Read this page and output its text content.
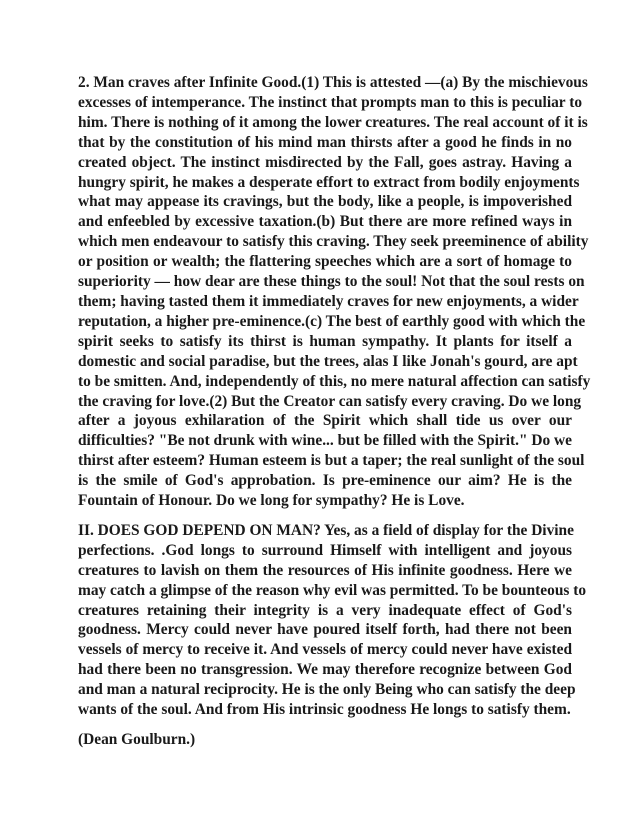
2. Man craves after Infinite Good.(1) This is attested —(a) By the mischievous
excesses of intemperance. The instinct that prompts man to this is peculiar to
him. There is nothing of it among the lower creatures. The real account of it is
that by the constitution of his mind man thirsts after a good he finds in no
created object. The instinct misdirected by the Fall, goes astray. Having a
hungry spirit, he makes a desperate effort to extract from bodily enjoyments
what may appease its cravings, but the body, like a people, is impoverished
and enfeebled by excessive taxation.(b) But there are more refined ways in
which men endeavour to satisfy this craving. They seek preeminence of ability
or position or wealth; the flattering speeches which are a sort of homage to
superiority — how dear are these things to the soul! Not that the soul rests on
them; having tasted them it immediately craves for new enjoyments, a wider
reputation, a higher pre-eminence.(c) The best of earthly good with which the
spirit seeks to satisfy its thirst is human sympathy. It plants for itself a
domestic and social paradise, but the trees, alas I like Jonah's gourd, are apt
to be smitten. And, independently of this, no mere natural affection can satisfy
the craving for love.(2) But the Creator can satisfy every craving. Do we long
after a joyous exhilaration of the Spirit which shall tide us over our
difficulties? "Be not drunk with wine... but be filled with the Spirit." Do we
thirst after esteem? Human esteem is but a taper; the real sunlight of the soul
is the smile of God's approbation. Is pre-eminence our aim? He is the
Fountain of Honour. Do we long for sympathy? He is Love.
II. DOES GOD DEPEND ON MAN? Yes, as a field of display for the Divine
perfections. .God longs to surround Himself with intelligent and joyous
creatures to lavish on them the resources of His infinite goodness. Here we
may catch a glimpse of the reason why evil was permitted. To be bounteous to
creatures retaining their integrity is a very inadequate effect of God's
goodness. Mercy could never have poured itself forth, had there not been
vessels of mercy to receive it. And vessels of mercy could never have existed
had there been no transgression. We may therefore recognize between God
and man a natural reciprocity. He is the only Being who can satisfy the deep
wants of the soul. And from His intrinsic goodness He longs to satisfy them.
(Dean Goulburn.)
